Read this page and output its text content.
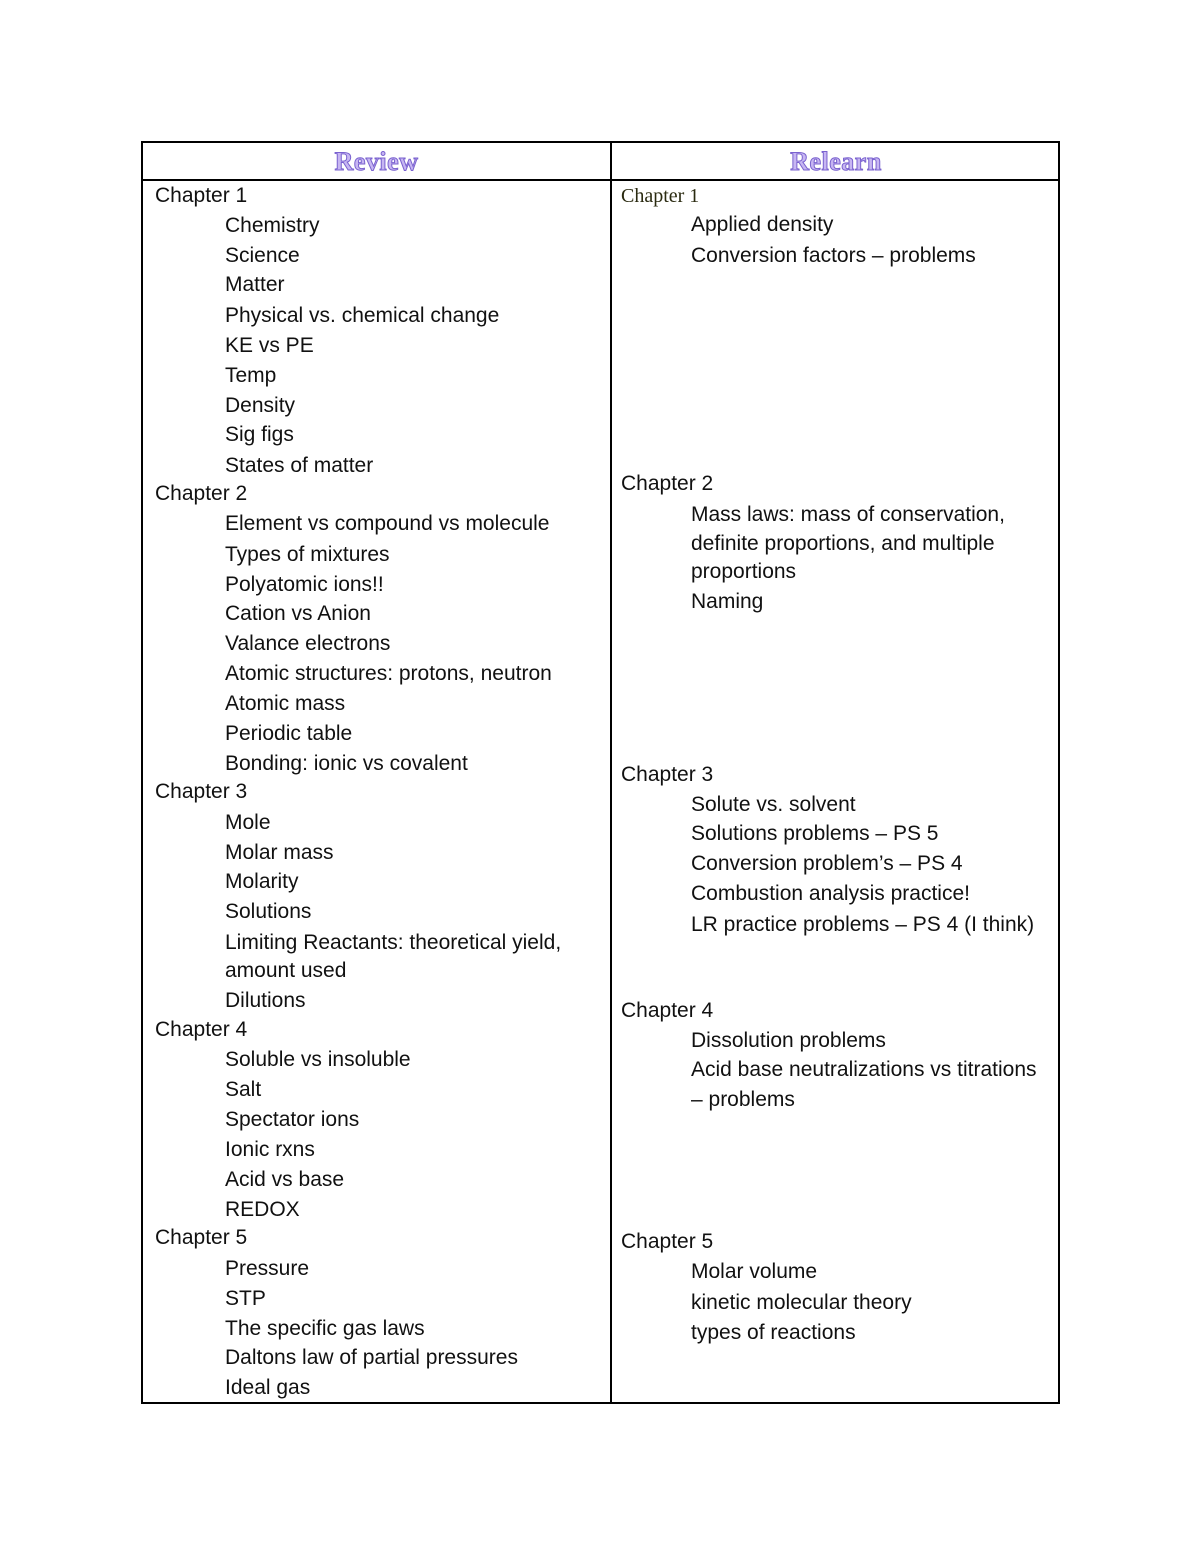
Review	Relearn
Chapter 1
Chemistry
Science
Matter
Physical vs. chemical change
KE vs PE
Temp
Density
Sig figs
States of matter
Chapter 2
Element vs compound vs molecule
Types of mixtures
Polyatomic ions!!
Cation vs Anion
Valance electrons
Atomic structures: protons, neutron
Atomic mass
Periodic table
Bonding: ionic vs covalent
Chapter 3
Mole
Molar mass
Molarity
Solutions
Limiting Reactants: theoretical yield,
amount used
Dilutions
Chapter 4
Soluble vs insoluble
Salt
Spectator ions
Ionic rxns
Acid vs base
REDOX
Chapter 5
Pressure
STP
The specific gas laws
Daltons law of partial pressures
Ideal gas
Chapter 1
Applied density
Conversion factors – problems
Chapter 2
Mass laws: mass of conservation,
definite proportions, and multiple
proportions
Naming
Chapter 3
Solute vs. solvent
Solutions problems – PS 5
Conversion problem’s – PS 4
Combustion analysis practice!
LR practice problems – PS 4 (I think)
Chapter 4
Dissolution problems
Acid base neutralizations vs titrations
– problems
Chapter 5
Molar volume
kinetic molecular theory
types of reactions
